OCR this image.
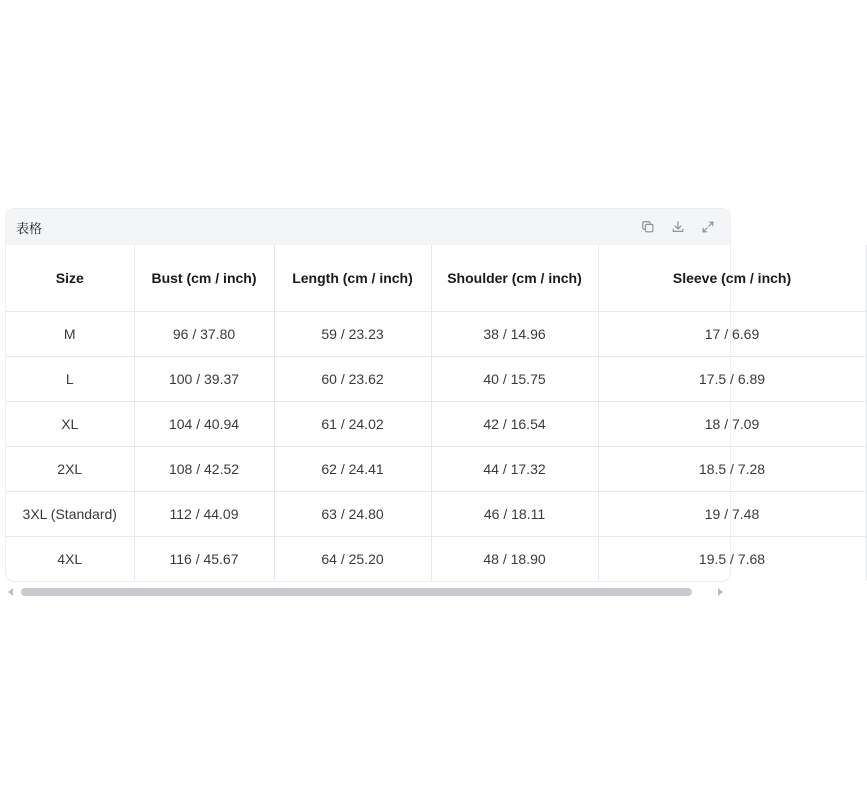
表格
Size	Bust (cm / inch)	Length (cm / inch)	Shoulder (cm / inch)	Sleeve (cm / inch)
M	96 / 37.80	59 / 23.23	38 / 14.96	17 / 6.69
L	100 / 39.37	60 / 23.62	40 / 15.75	17.5 / 6.89
XL	104 / 40.94	61 / 24.02	42 / 16.54	18 / 7.09
2XL	108 / 42.52	62 / 24.41	44 / 17.32	18.5 / 7.28
3XL (Standard)	112 / 44.09	63 / 24.80	46 / 18.11	19 / 7.48
4XL	116 / 45.67	64 / 25.20	48 / 18.90	19.5 / 7.68
